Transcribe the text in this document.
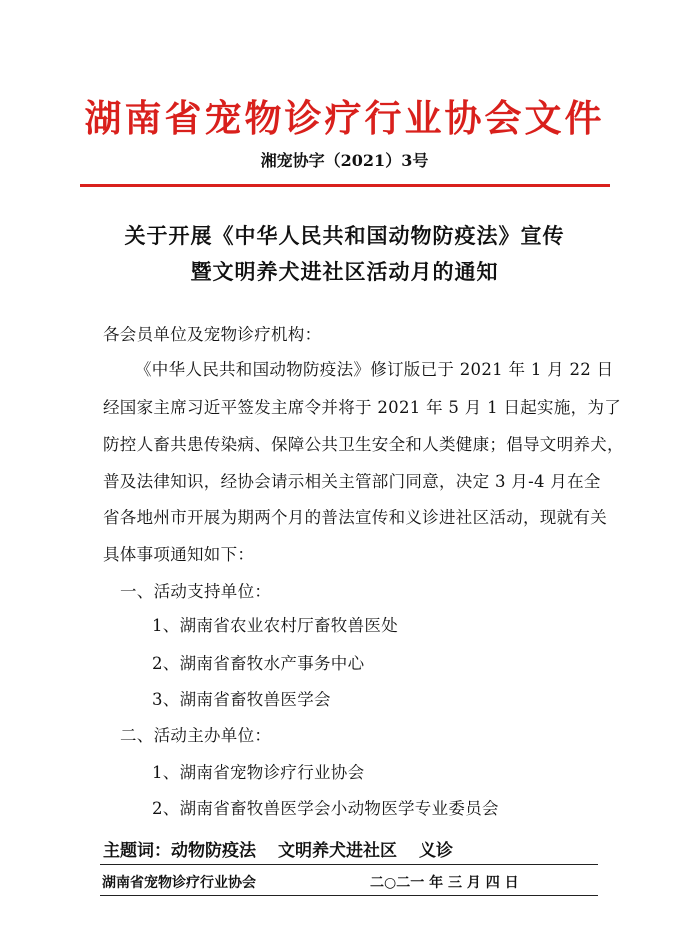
湖南省宠物诊疗行业协会文件
湘宠协字（2021）3号
关于开展《中华人民共和国动物防疫法》宣传
暨文明养犬进社区活动月的通知
各会员单位及宠物诊疗机构：
《中华人民共和国动物防疫法》修订版已于 2021 年 1 月 22 日
经国家主席习近平签发主席令并将于 2021 年 5 月 1 日起实施，为了
防控人畜共患传染病、保障公共卫生安全和人类健康；倡导文明养犬，
普及法律知识，经协会请示相关主管部门同意，决定 3 月-4 月在全
省各地州市开展为期两个月的普法宣传和义诊进社区活动，现就有关
具体事项通知如下：
一、活动支持单位：
1、湖南省农业农村厅畜牧兽医处
2、湖南省畜牧水产事务中心
3、湖南省畜牧兽医学会
二、活动主办单位：
1、湖南省宠物诊疗行业协会
2、湖南省畜牧兽医学会小动物医学专业委员会
主题词：动物防疫法 文明养犬进社区 义诊
湖南省宠物诊疗行业协会	二○二一 年 三 月 四 日
